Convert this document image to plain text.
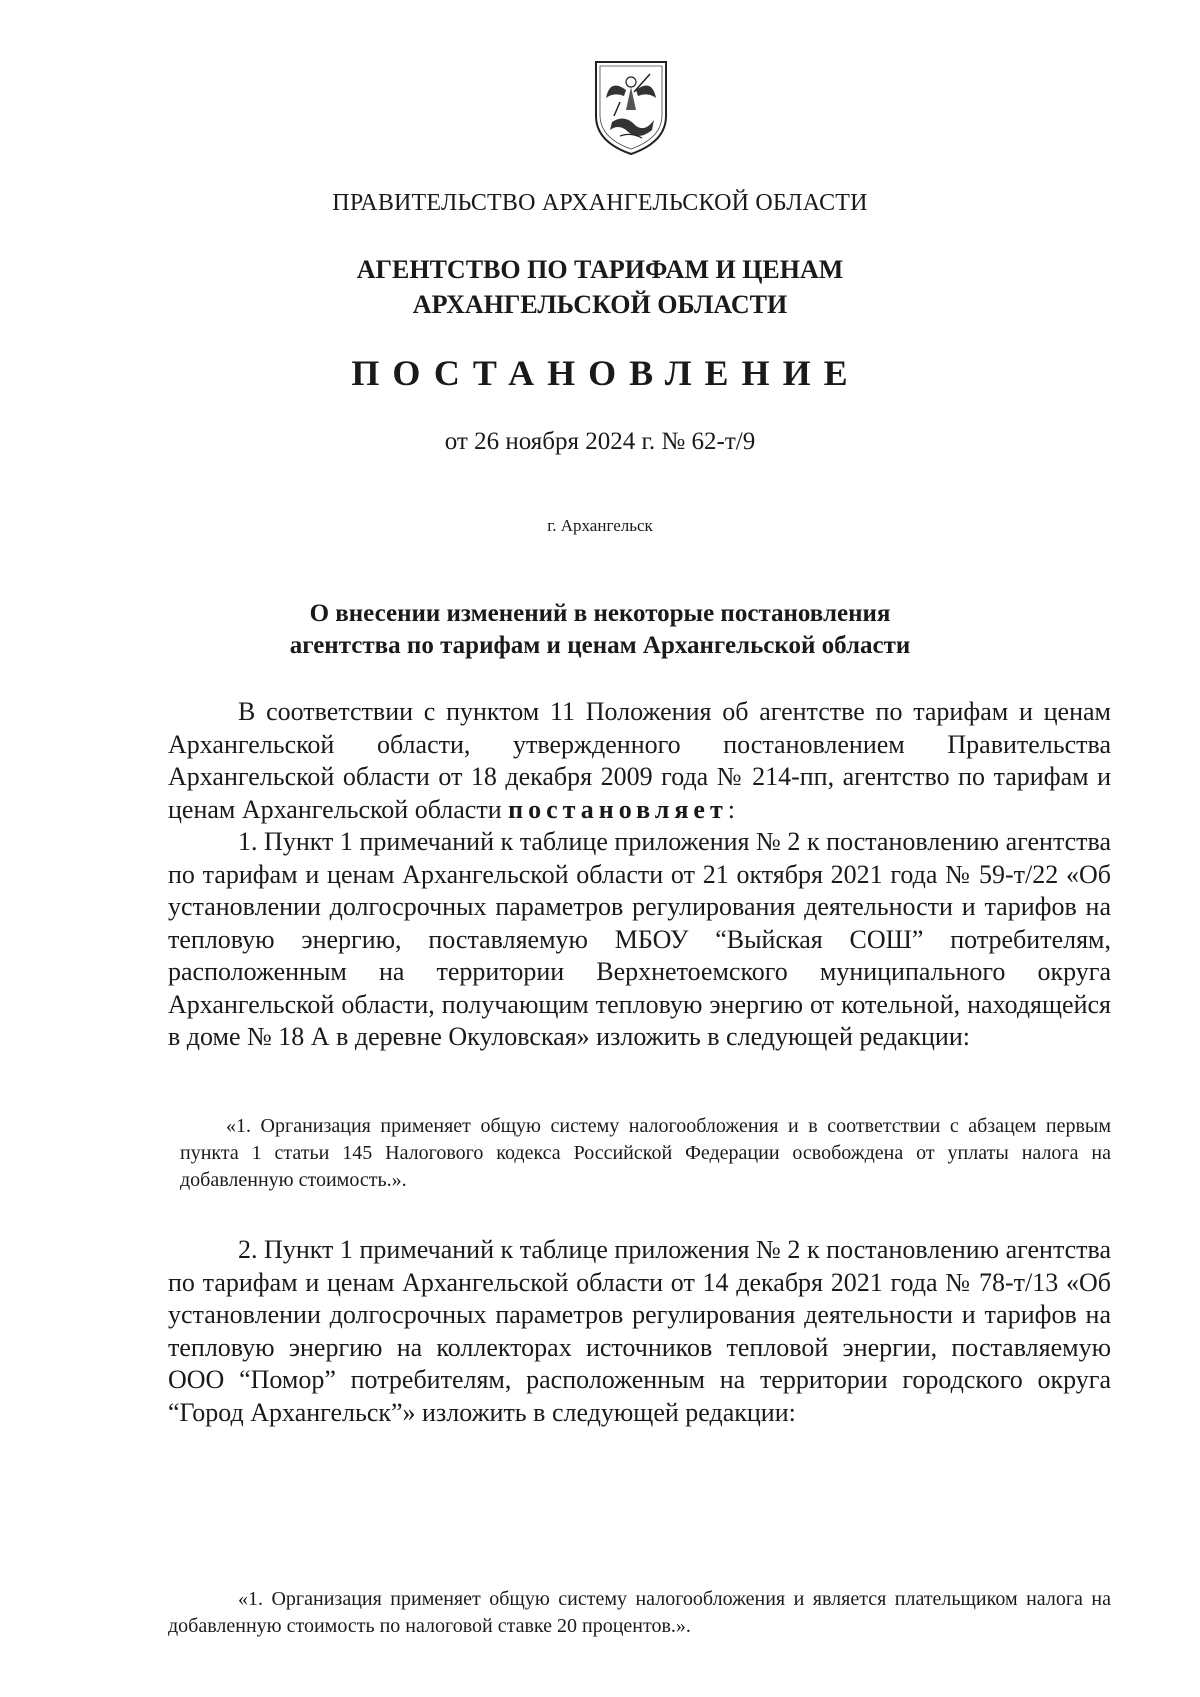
ПРАВИТЕЛЬСТВО АРХАНГЕЛЬСКОЙ ОБЛАСТИ
АГЕНТСТВО ПО ТАРИФАМ И ЦЕНАМ
АРХАНГЕЛЬСКОЙ ОБЛАСТИ
ПОСТАНОВЛЕНИЕ
от 26 ноября 2024 г. № 62-т/9
г. Архангельск
О внесении изменений в некоторые постановления
агентства по тарифам и ценам Архангельской области

В соответствии с пунктом 11 Положения об агентстве по тарифам и ценам Архангельской области, утвержденного постановлением Правительства Архангельской области от 18 декабря 2009 года № 214-пп, агентство по тарифам и ценам Архангельской области постановляет:

1. Пункт 1 примечаний к таблице приложения № 2 к постановлению агентства по тарифам и ценам Архангельской области от 21 октября 2021 года № 59-т/22 «Об установлении долгосрочных параметров регулирования деятельности и тарифов на тепловую энергию, поставляемую МБОУ “Выйская СОШ” потребителям, расположенным на территории Верхнетоемского муниципального округа Архангельской области, получающим тепловую энергию от котельной, находящейся в доме № 18 А в деревне Окуловская» изложить в следующей редакции:

«1. Организация применяет общую систему налогообложения и в соответствии с абзацем первым пункта 1 статьи 145 Налогового кодекса Российской Федерации освобождена от уплаты налога на добавленную стоимость.».

2. Пункт 1 примечаний к таблице приложения № 2 к постановлению агентства по тарифам и ценам Архангельской области от 14 декабря 2021 года № 78-т/13 «Об установлении долгосрочных параметров регулирования деятельности и тарифов на тепловую энергию на коллекторах источников тепловой энергии, поставляемую ООО “Помор” потребителям, расположенным на территории городского округа “Город Архангельск”» изложить в следующей редакции:

«1. Организация применяет общую систему налогообложения и является плательщиком налога на добавленную стоимость по налоговой ставке 20 процентов.».
